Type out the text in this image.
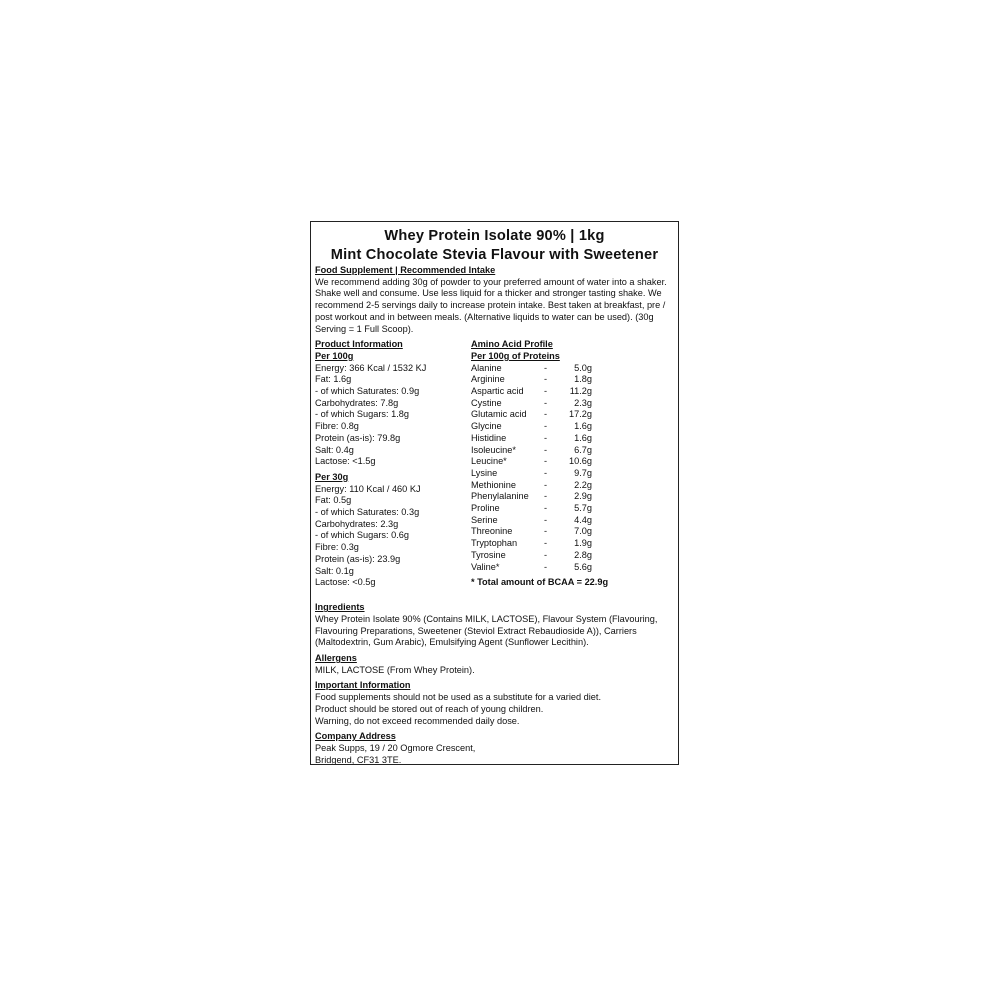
Whey Protein Isolate 90% | 1kg

Mint Chocolate Stevia Flavour with Sweetener

Food Supplement | Recommended Intake

We recommend adding 30g of powder to your preferred amount of water into a shaker. Shake well and consume. Use less liquid for a thicker and stronger tasting shake. We recommend 2-5 servings daily to increase protein intake. Best taken at breakfast, pre / post workout and in between meals. (Alternative liquids to water can be used). (30g Serving = 1 Full Scoop).

Product Information

Per 100g

Energy: 366 Kcal / 1532 KJ

Fat: 1.6g

- of which Saturates: 0.9g

Carbohydrates: 7.8g

- of which Sugars: 1.8g

Fibre: 0.8g

Protein (as-is): 79.8g

Salt: 0.4g

Lactose: <1.5g

Per 30g

Energy: 110 Kcal / 460 KJ

Fat: 0.5g

- of which Saturates: 0.3g

Carbohydrates: 2.3g

- of which Sugars: 0.6g

Fibre: 0.3g

Protein (as-is): 23.9g

Salt: 0.1g

Lactose: <0.5g

Amino Acid Profile

Per 100g of Proteins

Alanine	-	5.0g
Arginine	-	1.8g
Aspartic acid	-	11.2g
Cystine	-	2.3g
Glutamic acid	-	17.2g
Glycine	-	1.6g
Histidine	-	1.6g
Isoleucine*	-	6.7g
Leucine*	-	10.6g
Lysine	-	9.7g
Methionine	-	2.2g
Phenylalanine	-	2.9g
Proline	-	5.7g
Serine	-	4.4g
Threonine	-	7.0g
Tryptophan	-	1.9g
Tyrosine	-	2.8g
Valine*	-	5.6g

* Total amount of BCAA = 22.9g

Ingredients

Whey Protein Isolate 90% (Contains MILK, LACTOSE), Flavour System (Flavouring, Flavouring Preparations, Sweetener (Steviol Extract Rebaudioside A)), Carriers (Maltodextrin, Gum Arabic), Emulsifying Agent (Sunflower Lecithin).

Allergens

MILK, LACTOSE (From Whey Protein).

Important Information

Food supplements should not be used as a substitute for a varied diet.

Product should be stored out of reach of young children.

Warning, do not exceed recommended daily dose.

Company Address

Peak Supps, 19 / 20 Ogmore Crescent,

Bridgend, CF31 3TE.
